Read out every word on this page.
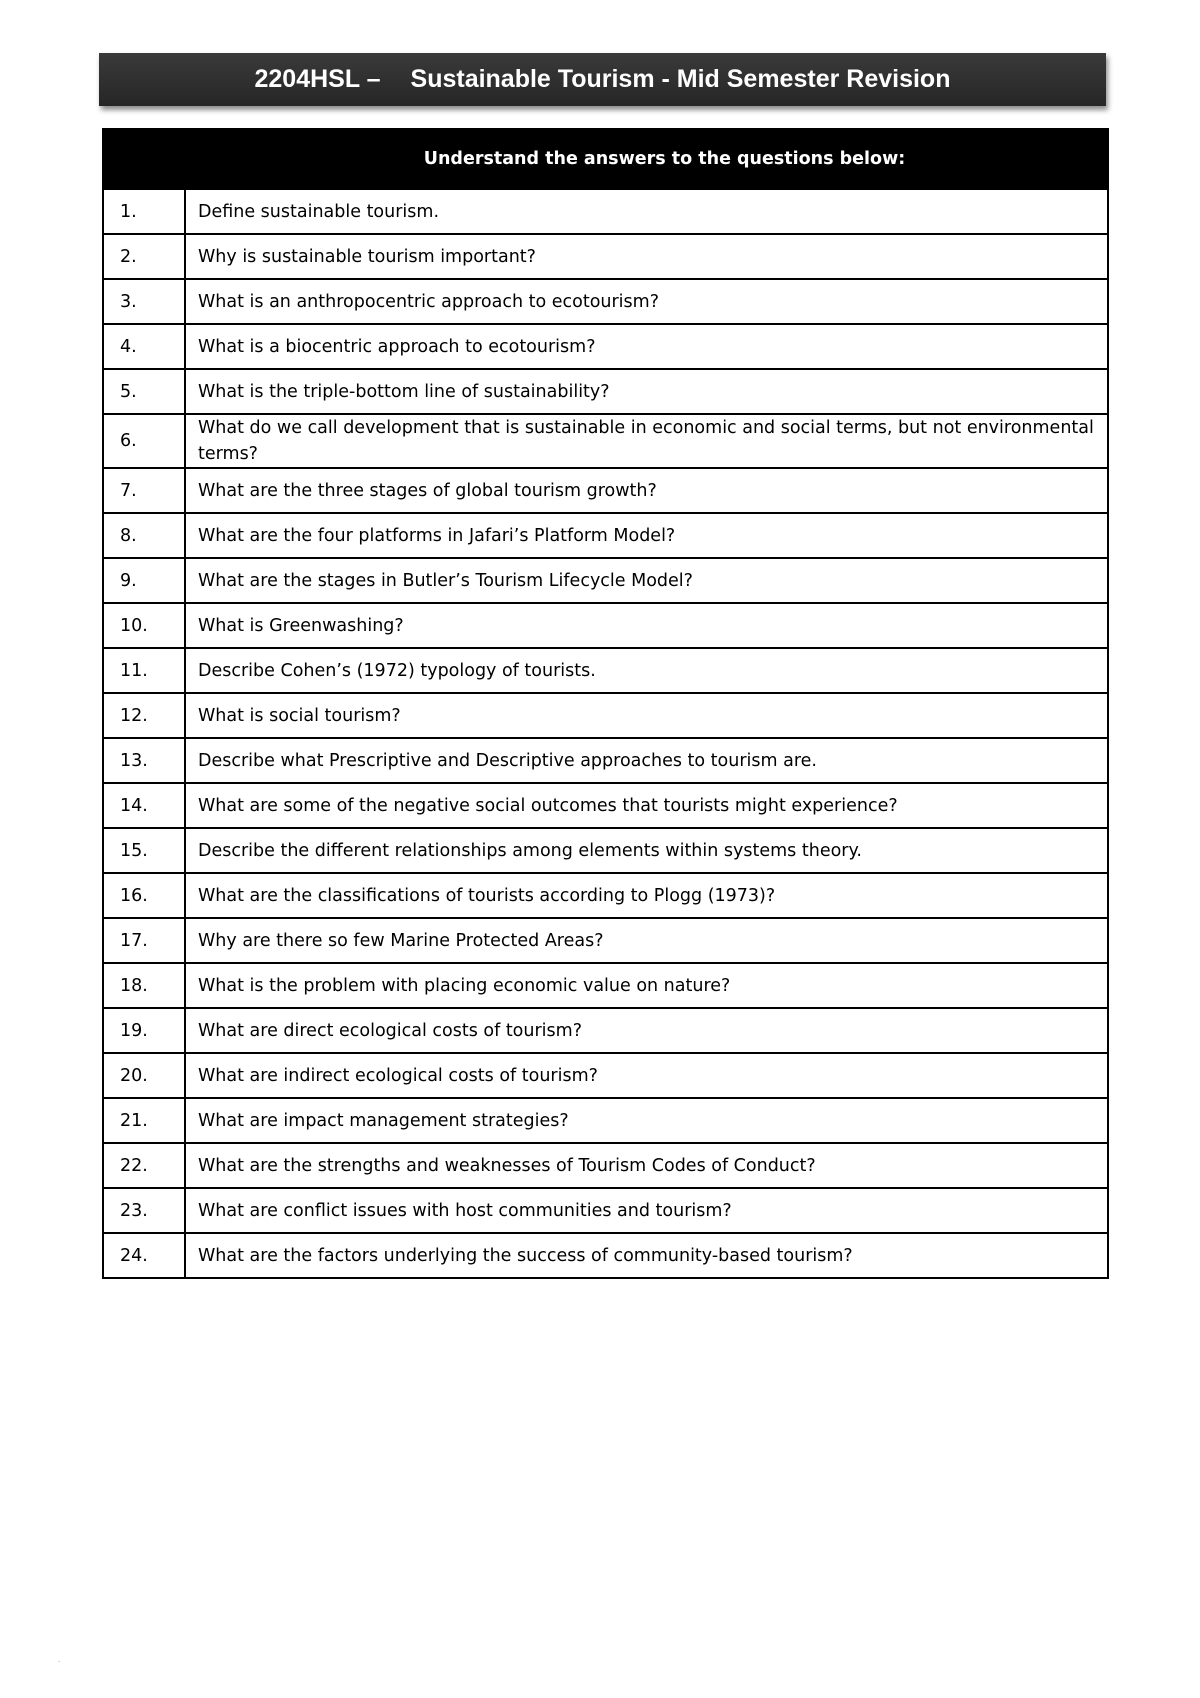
2204HSL – Sustainable Tourism - Mid Semester Revision
Understand the answers to the questions below:	
1.	Define sustainable tourism.
2.	Why is sustainable tourism important?
3.	What is an anthropocentric approach to ecotourism?
4.	What is a biocentric approach to ecotourism?
5.	What is the triple-bottom line of sustainability?
6.	What do we call development that is sustainable in economic and social terms, but not environmental terms?
7.	What are the three stages of global tourism growth?
8.	What are the four platforms in Jafari’s Platform Model?
9.	What are the stages in Butler’s Tourism Lifecycle Model?
10.	What is Greenwashing?
11.	Describe Cohen’s (1972) typology of tourists.
12.	What is social tourism?
13.	Describe what Prescriptive and Descriptive approaches to tourism are.
14.	What are some of the negative social outcomes that tourists might experience?
15.	Describe the different relationships among elements within systems theory.
16.	What are the classifications of tourists according to Plogg (1973)?
17.	Why are there so few Marine Protected Areas?
18.	What is the problem with placing economic value on nature?
19.	What are direct ecological costs of tourism?
20.	What are indirect ecological costs of tourism?
21.	What are impact management strategies?
22.	What are the strengths and weaknesses of Tourism Codes of Conduct?
23.	What are conflict issues with host communities and tourism?
24.	What are the factors underlying the success of community-based tourism?
.
